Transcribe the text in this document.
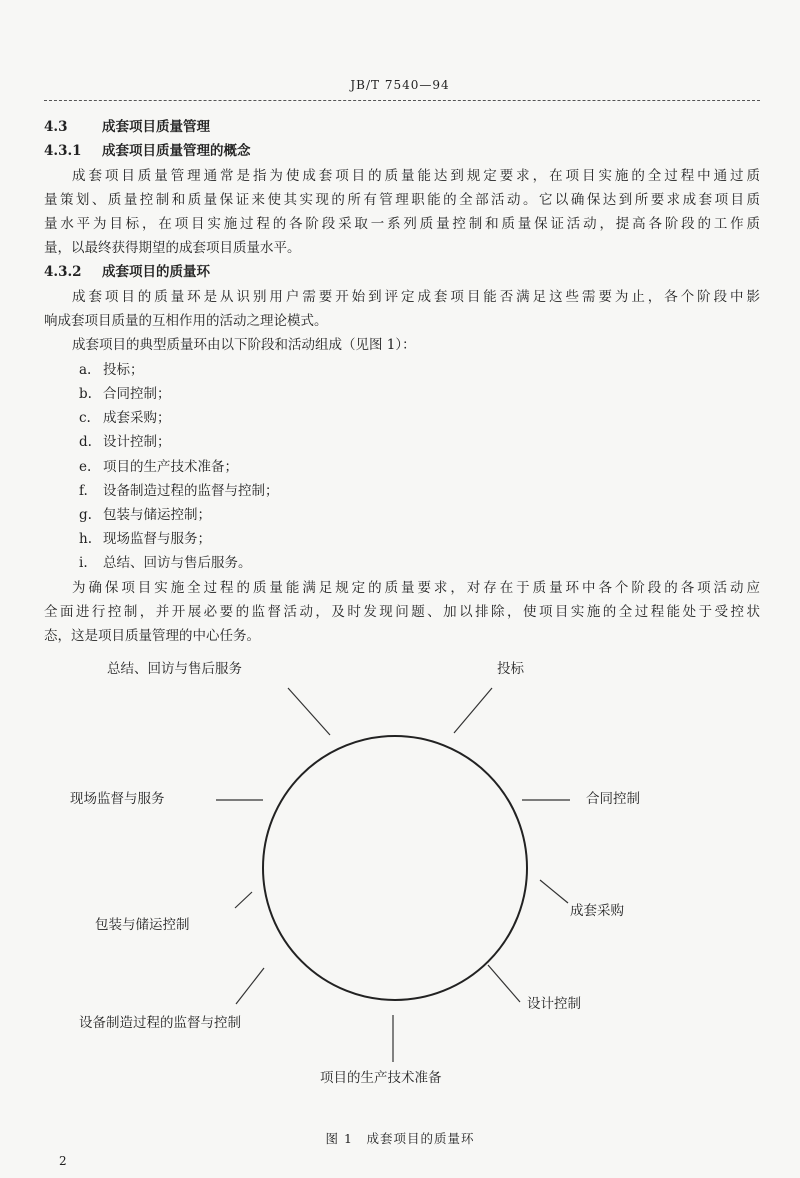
JB/T 7540—94
4.3	成套项目质量管理
4.3.1 成套项目质量管理的概念
成套项目质量管理通常是指为使成套项目的质量能达到规定要求，在项目实施的全过程中通过质
量策划、质量控制和质量保证来使其实现的所有管理职能的全部活动。它以确保达到所要求成套项目质
量水平为目标，在项目实施过程的各阶段采取一系列质量控制和质量保证活动，提高各阶段的工作质
量，以最终获得期望的成套项目质量水平。
4.3.2 成套项目的质量环
成套项目的质量环是从识别用户需要开始到评定成套项目能否满足这些需要为止，各个阶段中影
响成套项目质量的互相作用的活动之理论模式。
成套项目的典型质量环由以下阶段和活动组成（见图 1）：
a. 投标；
b. 合同控制；
c. 成套采购；
d. 设计控制；
e. 项目的生产技术准备；
f. 设备制造过程的监督与控制；
g. 包装与储运控制；
h. 现场监督与服务；
i. 总结、回访与售后服务。
为确保项目实施全过程的质量能满足规定的质量要求，对存在于质量环中各个阶段的各项活动应
全面进行控制，并开展必要的监督活动，及时发现问题、加以排除，使项目实施的全过程能处于受控状
态，这是项目质量管理的中心任务。
总结、回访与售后服务	投标
现场监督与服务	合同控制
成套采购
包装与储运控制
设计控制
设备制造过程的监督与控制
项目的生产技术准备
图 1　成套项目的质量环
2
